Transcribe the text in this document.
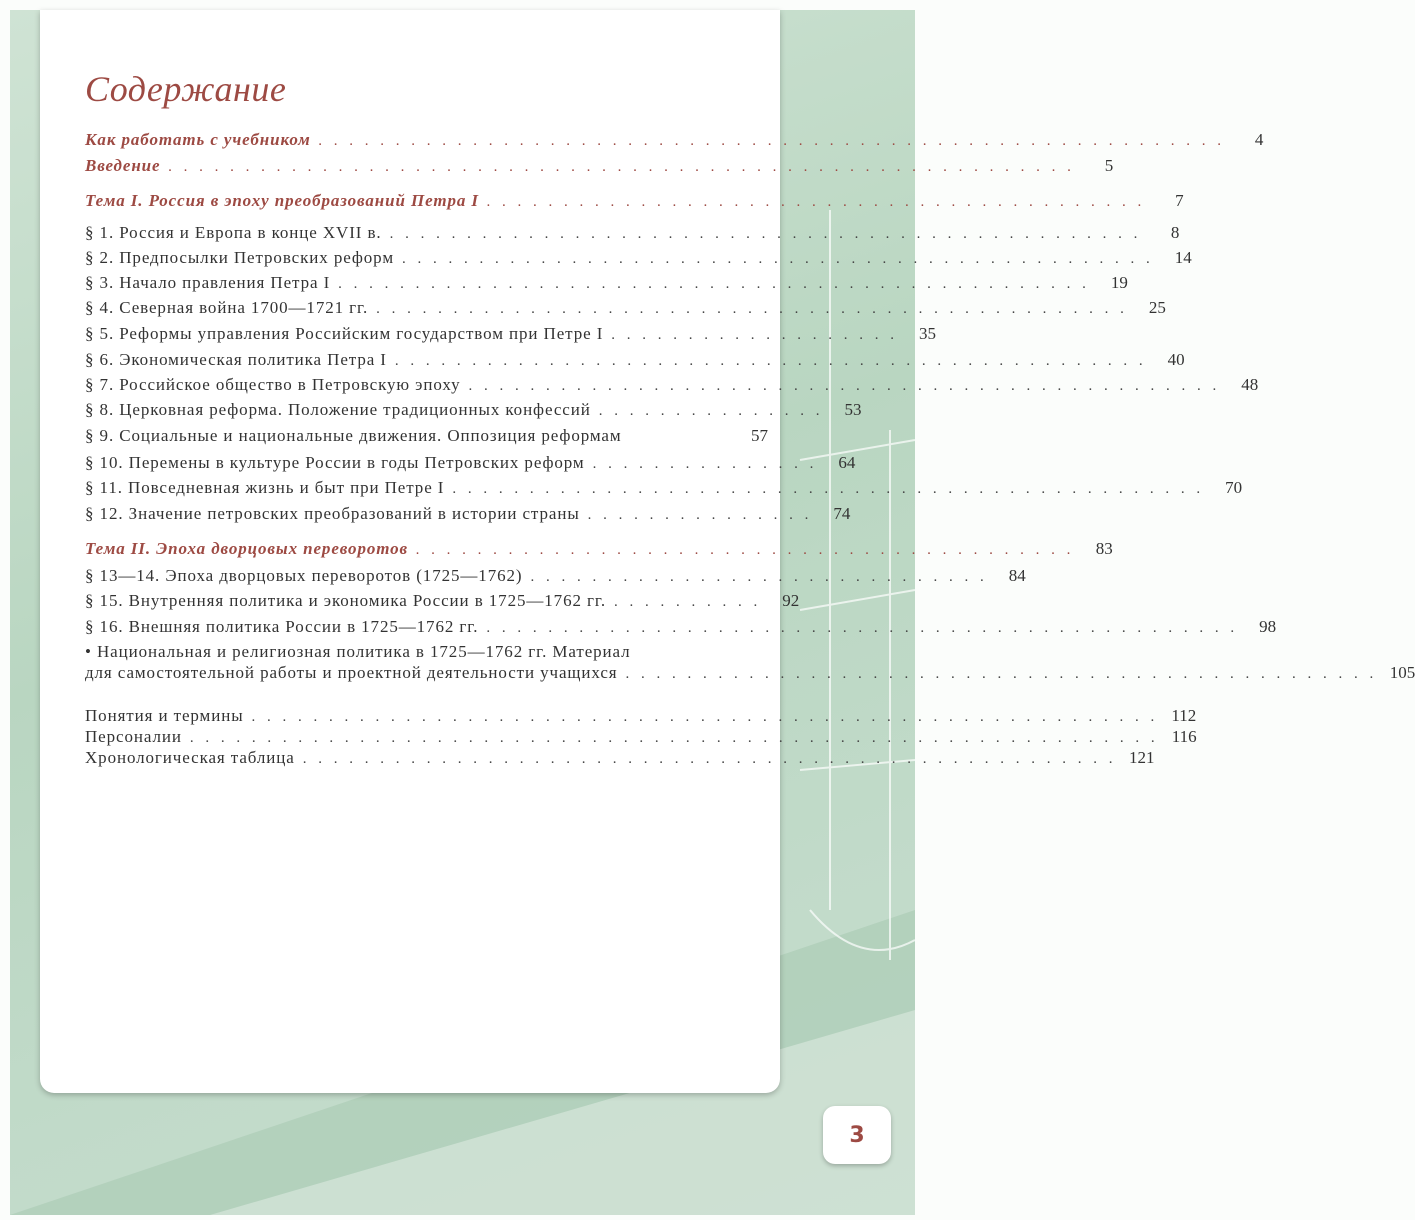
Содержание
Как работать с учебником . . . . . . . . . . . . . . . . . . . . . . . . . . . . . . . . . . . . . . . . . . . . . . . . . . . . . . . . . . .	4
Введение . . . . . . . . . . . . . . . . . . . . . . . . . . . . . . . . . . . . . . . . . . . . . . . . . . . . . . . . . . .	5
Тема I. Россия в эпоху преобразований Петра I . . . . . . . . . . . . . . . . . . . . . . . . . . . . . . . . . . . . . . . . . . .	7
§ 1. Россия и Европа в конце XVII в. . . . . . . . . . . . . . . . . . . . . . . . . . . . . . . . . . . . . . . . . . . . . . . . . .	8
§ 2. Предпосылки Петровских реформ . . . . . . . . . . . . . . . . . . . . . . . . . . . . . . . . . . . . . . . . . . . . . . . . .	14
§ 3. Начало правления Петра I . . . . . . . . . . . . . . . . . . . . . . . . . . . . . . . . . . . . . . . . . . . . . . . . .	19
§ 4. Северная война 1700—1721 гг. . . . . . . . . . . . . . . . . . . . . . . . . . . . . . . . . . . . . . . . . . . . . . . . . .	25
§ 5. Реформы управления Российским государством при Петре I . . . . . . . . . . . . . . . . . . .	35
§ 6. Экономическая политика Петра I . . . . . . . . . . . . . . . . . . . . . . . . . . . . . . . . . . . . . . . . . . . . . . . . .	40
§ 7. Российское общество в Петровскую эпоху . . . . . . . . . . . . . . . . . . . . . . . . . . . . . . . . . . . . . . . . . . . . . . . . .	48
§ 8. Церковная реформа. Положение традиционных конфессий . . . . . . . . . . . . . . .	53
§ 9. Социальные и национальные движения. Оппозиция реформам	57
§ 10. Перемены в культуре России в годы Петровских реформ . . . . . . . . . . . . . . .	64
§ 11. Повседневная жизнь и быт при Петре I . . . . . . . . . . . . . . . . . . . . . . . . . . . . . . . . . . . . . . . . . . . . . . . . .	70
§ 12. Значение петровских преобразований в истории страны . . . . . . . . . . . . . . .	74
Тема II. Эпоха дворцовых переворотов . . . . . . . . . . . . . . . . . . . . . . . . . . . . . . . . . . . . . . . . . . .	83
§ 13—14. Эпоха дворцовых переворотов (1725—1762) . . . . . . . . . . . . . . . . . . . . . . . . . . . . . .	84
§ 15. Внутренняя политика и экономика России в 1725—1762 гг. . . . . . . . . . .	92
§ 16. Внешняя политика России в 1725—1762 гг. . . . . . . . . . . . . . . . . . . . . . . . . . . . . . . . . . . . . . . . . . . . . . . . . .	98
• Национальная и религиозная политика в 1725—1762 гг. Материал
для самостоятельной работы и проектной деятельности учащихся . . . . . . . . . . . . . . . . . . . . . . . . . . . . . . . . . . . . . . . . . . . . . . . . . 105
Понятия и термины . . . . . . . . . . . . . . . . . . . . . . . . . . . . . . . . . . . . . . . . . . . . . . . . . . . . . . . . . . . 112
Персоналии . . . . . . . . . . . . . . . . . . . . . . . . . . . . . . . . . . . . . . . . . . . . . . . . . . . . . . . . . . . . . . . 116
Хронологическая таблица . . . . . . . . . . . . . . . . . . . . . . . . . . . . . . . . . . . . . . . . . . . . . . . . . . . . . 121
3
